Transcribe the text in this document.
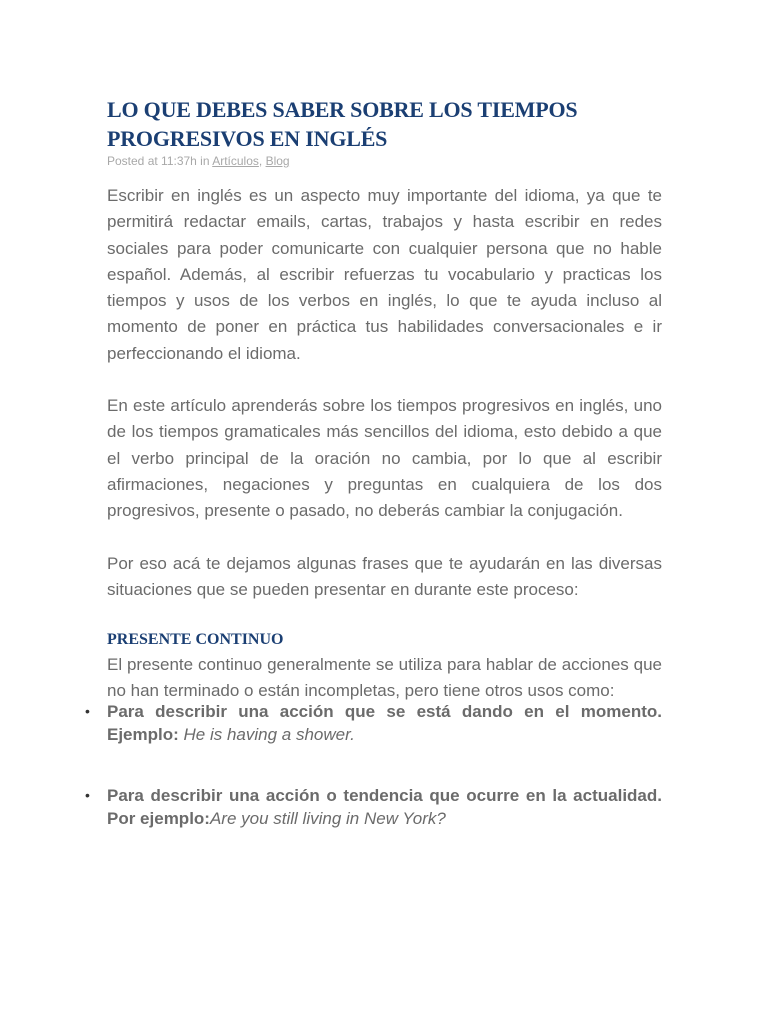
LO QUE DEBES SABER SOBRE LOS TIEMPOS
PROGRESIVOS EN INGLÉS

Posted at 11:37h in Artículos, Blog

Escribir en inglés es un aspecto muy importante del idioma, ya que te permitirá redactar emails, cartas, trabajos y hasta escribir en redes sociales para poder comunicarte con cualquier persona que no hable español. Además, al escribir refuerzas tu vocabulario y practicas los tiempos y usos de los verbos en inglés, lo que te ayuda incluso al momento de poner en práctica tus habilidades conversacionales e ir perfeccionando el idioma.

En este artículo aprenderás sobre los tiempos progresivos en inglés, uno de los tiempos gramaticales más sencillos del idioma, esto debido a que el verbo principal de la oración no cambia, por lo que al escribir afirmaciones, negaciones y preguntas en cualquiera de los dos progresivos, presente o pasado, no deberás cambiar la conjugación.

Por eso acá te dejamos algunas frases que te ayudarán en las diversas situaciones que se pueden presentar en durante este proceso:

PRESENTE CONTINUO

El presente continuo generalmente se utiliza para hablar de acciones que no han terminado o están incompletas, pero tiene otros usos como:

• Para describir una acción que se está dando en el momento. Ejemplo: He is having a shower.
• Para describir una acción o tendencia que ocurre en la actualidad. Por ejemplo:Are you still living in New York?
